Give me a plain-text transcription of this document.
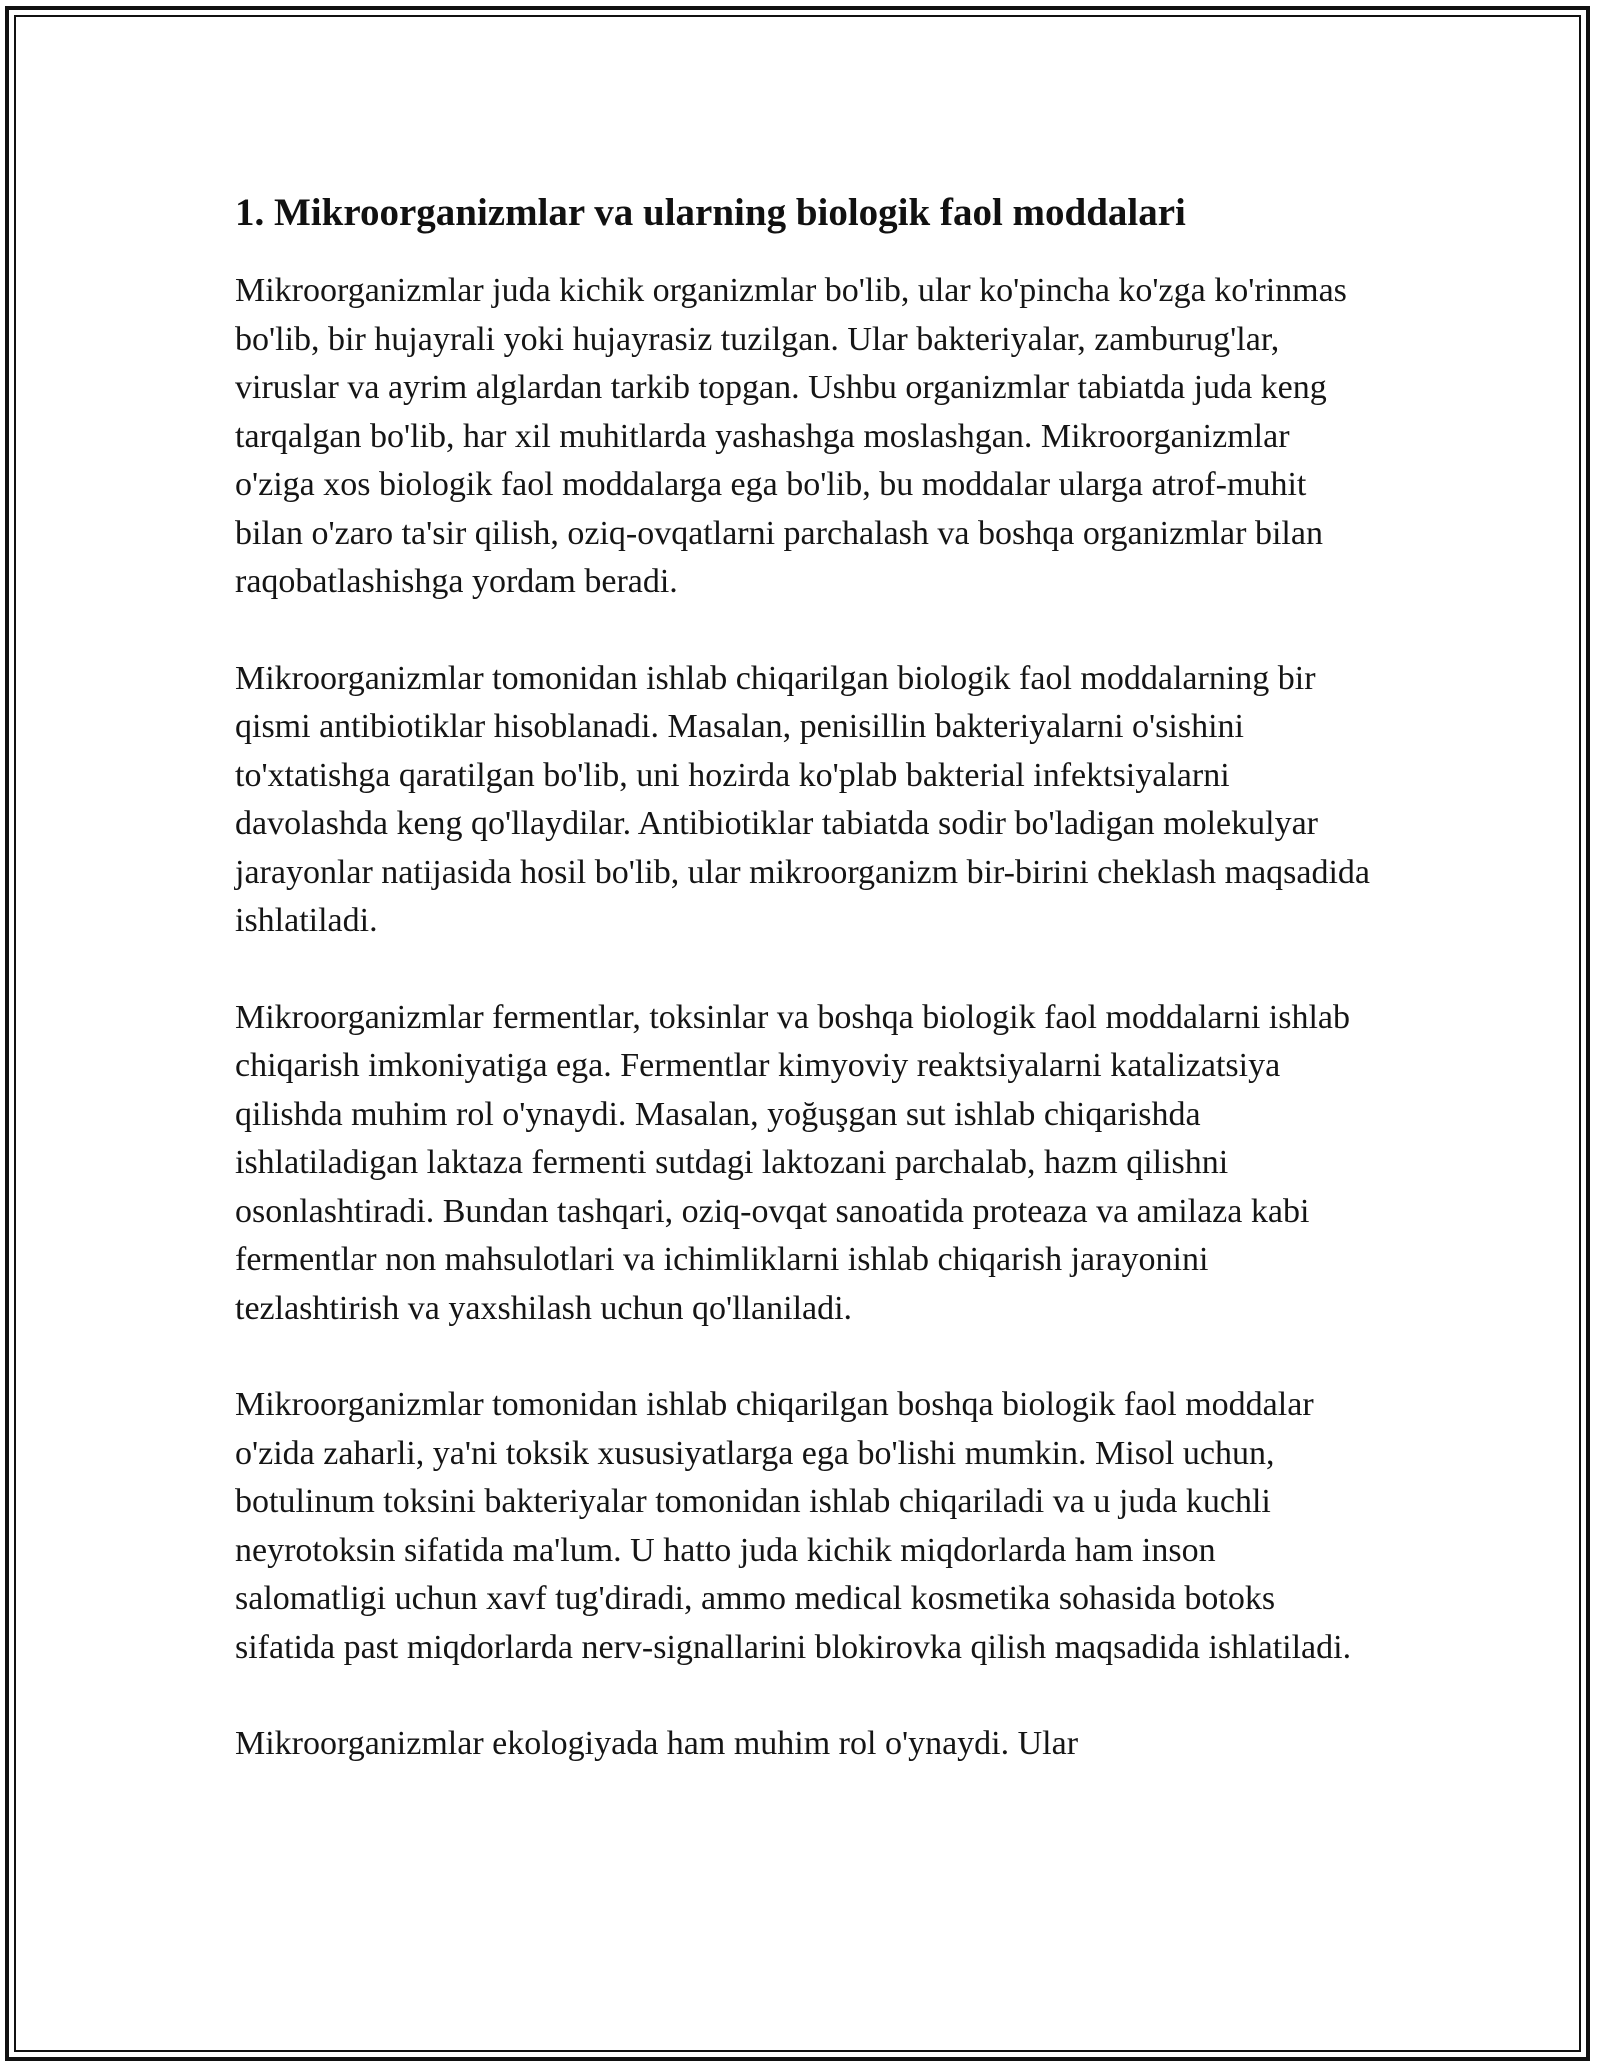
1. Mikroorganizmlar va ularning biologik faol moddalari

Mikroorganizmlar juda kichik organizmlar bo'lib, ular ko'pincha ko'zga ko'rinmas bo'lib, bir hujayrali yoki hujayrasiz tuzilgan. Ular bakteriyalar, zamburug'lar, viruslar va ayrim alglardan tarkib topgan. Ushbu organizmlar tabiatda juda keng tarqalgan bo'lib, har xil muhitlarda yashashga moslashgan. Mikroorganizmlar o'ziga xos biologik faol moddalarga ega bo'lib, bu moddalar ularga atrof-muhit bilan o'zaro ta'sir qilish, oziq-ovqatlarni parchalash va boshqa organizmlar bilan raqobatlashishga yordam beradi.

Mikroorganizmlar tomonidan ishlab chiqarilgan biologik faol moddalarning bir qismi antibiotiklar hisoblanadi. Masalan, penisillin bakteriyalarni o'sishini to'xtatishga qaratilgan bo'lib, uni hozirda ko'plab bakterial infektsiyalarni davolashda keng qo'llaydilar. Antibiotiklar tabiatda sodir bo'ladigan molekulyar jarayonlar natijasida hosil bo'lib, ular mikroorganizm bir-birini cheklash maqsadida ishlatiladi.

Mikroorganizmlar fermentlar, toksinlar va boshqa biologik faol moddalarni ishlab chiqarish imkoniyatiga ega. Fermentlar kimyoviy reaktsiyalarni katalizatsiya qilishda muhim rol o'ynaydi. Masalan, yoğuşgan sut ishlab chiqarishda ishlatiladigan laktaza fermenti sutdagi laktozani parchalab, hazm qilishni osonlashtiradi. Bundan tashqari, oziq-ovqat sanoatida proteaza va amilaza kabi fermentlar non mahsulotlari va ichimliklarni ishlab chiqarish jarayonini tezlashtirish va yaxshilash uchun qo'llaniladi.

Mikroorganizmlar tomonidan ishlab chiqarilgan boshqa biologik faol moddalar o'zida zaharli, ya'ni toksik xususiyatlarga ega bo'lishi mumkin. Misol uchun, botulinum toksini bakteriyalar tomonidan ishlab chiqariladi va u juda kuchli neyrotoksin sifatida ma'lum. U hatto juda kichik miqdorlarda ham inson salomatligi uchun xavf tug'diradi, ammo medical kosmetika sohasida botoks sifatida past miqdorlarda nerv-signallarini blokirovka qilish maqsadida ishlatiladi.

Mikroorganizmlar ekologiyada ham muhim rol o'ynaydi. Ular
